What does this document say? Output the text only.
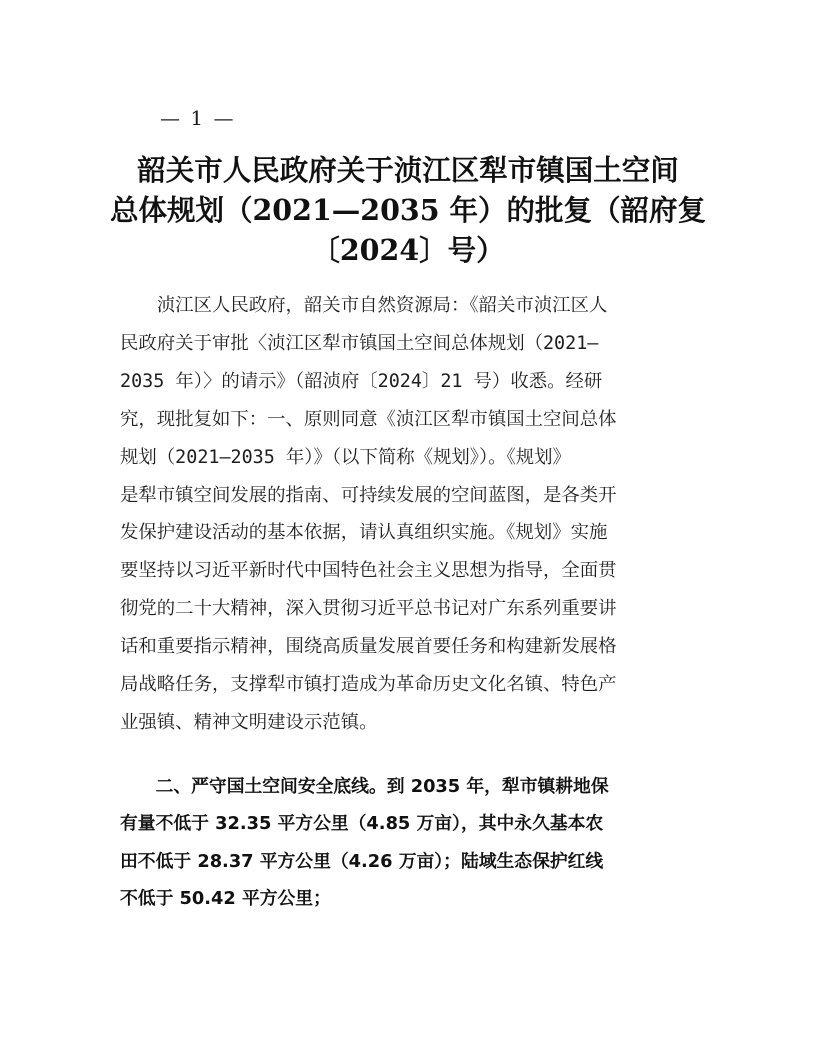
— 1 —
韶关市人民政府关于浈江区犁市镇国土空间
总体规划（2021—2035 年）的批复（韶府复
〔2024〕号）
　　浈江区人民政府，韶关市自然资源局：《韶关市浈江区人
民政府关于审批〈浈江区犁市镇国土空间总体规划（2021—
2035 年）〉的请示》（韶浈府〔2024〕21 号）收悉。经研
究，现批复如下：一、原则同意《浈江区犁市镇国土空间总体
规划（2021—2035 年）》（以下简称《规划》）。《规划》
是犁市镇空间发展的指南、可持续发展的空间蓝图，是各类开
发保护建设活动的基本依据，请认真组织实施。《规划》实施
要坚持以习近平新时代中国特色社会主义思想为指导，全面贯
彻党的二十大精神，深入贯彻习近平总书记对广东系列重要讲
话和重要指示精神，围绕高质量发展首要任务和构建新发展格
局战略任务，支撑犁市镇打造成为革命历史文化名镇、特色产
业强镇、精神文明建设示范镇。
　　二、严守国土空间安全底线。到 2035 年，犁市镇耕地保
有量不低于 32.35 平方公里（4.85 万亩），其中永久基本农
田不低于 28.37 平方公里（4.26 万亩）；陆域生态保护红线
不低于 50.42 平方公里；
